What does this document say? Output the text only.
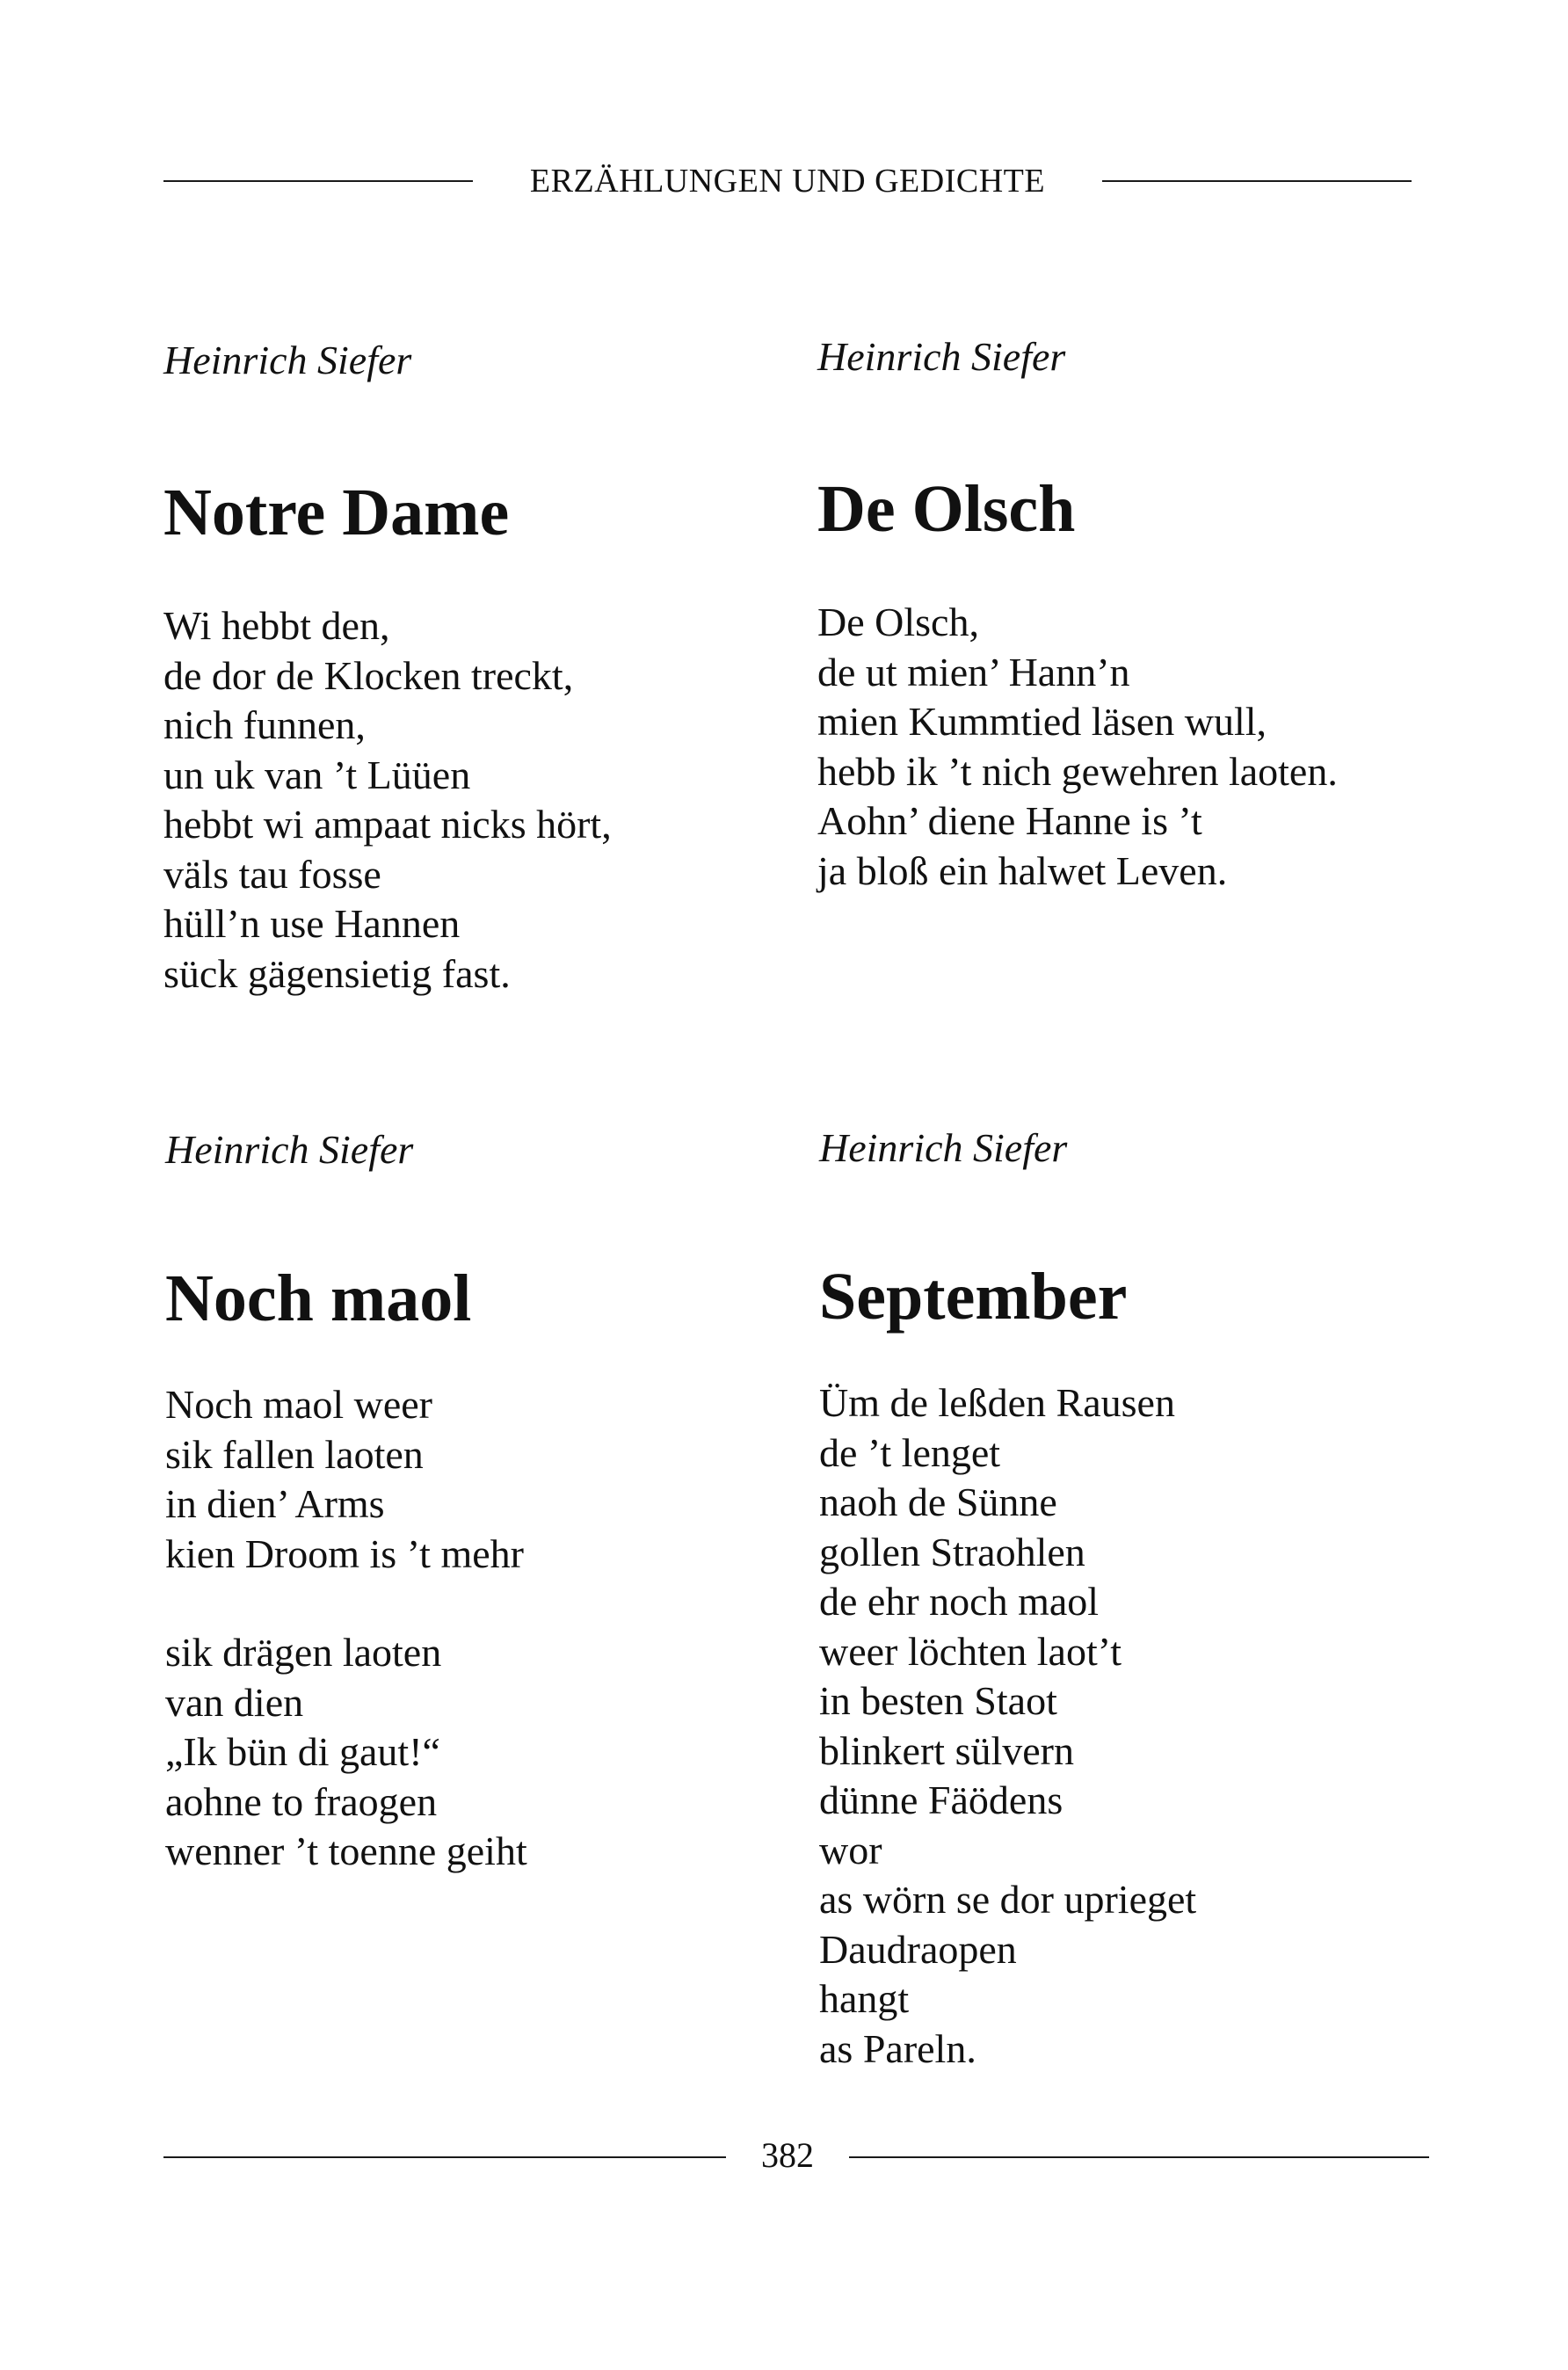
ERZÄHLUNGEN UND GEDICHTE

Heinrich Siefer

Notre Dame
Wi hebbt den,
de dor de Klocken treckt,
nich funnen,
un uk van ’t Lüüen
hebbt wi ampaat nicks hört,
väls tau fosse
hüll’n use Hannen
sück gägensietig fast.

Heinrich Siefer

De Olsch
De Olsch,
de ut mien’ Hann’n
mien Kummtied läsen wull,
hebb ik ’t nich gewehren laoten.
Aohn’ diene Hanne is ’t
ja bloß ein halwet Leven.

Heinrich Siefer

Noch maol
Noch maol weer
sik fallen laoten
in dien’ Arms
kien Droom is ’t mehr
sik drägen laoten
van dien
„Ik bün di gaut!“
aohne to fraogen
wenner ’t toenne geiht

Heinrich Siefer

September
Üm de leßden Rausen
de ’t lenget
naoh de Sünne
gollen Straohlen
de ehr noch maol
weer löchten laot’t
in besten Staot
blinkert sülvern
dünne Fäödens
wor
as wörn se dor uprieget
Daudraopen
hangt
as Pareln.
382
